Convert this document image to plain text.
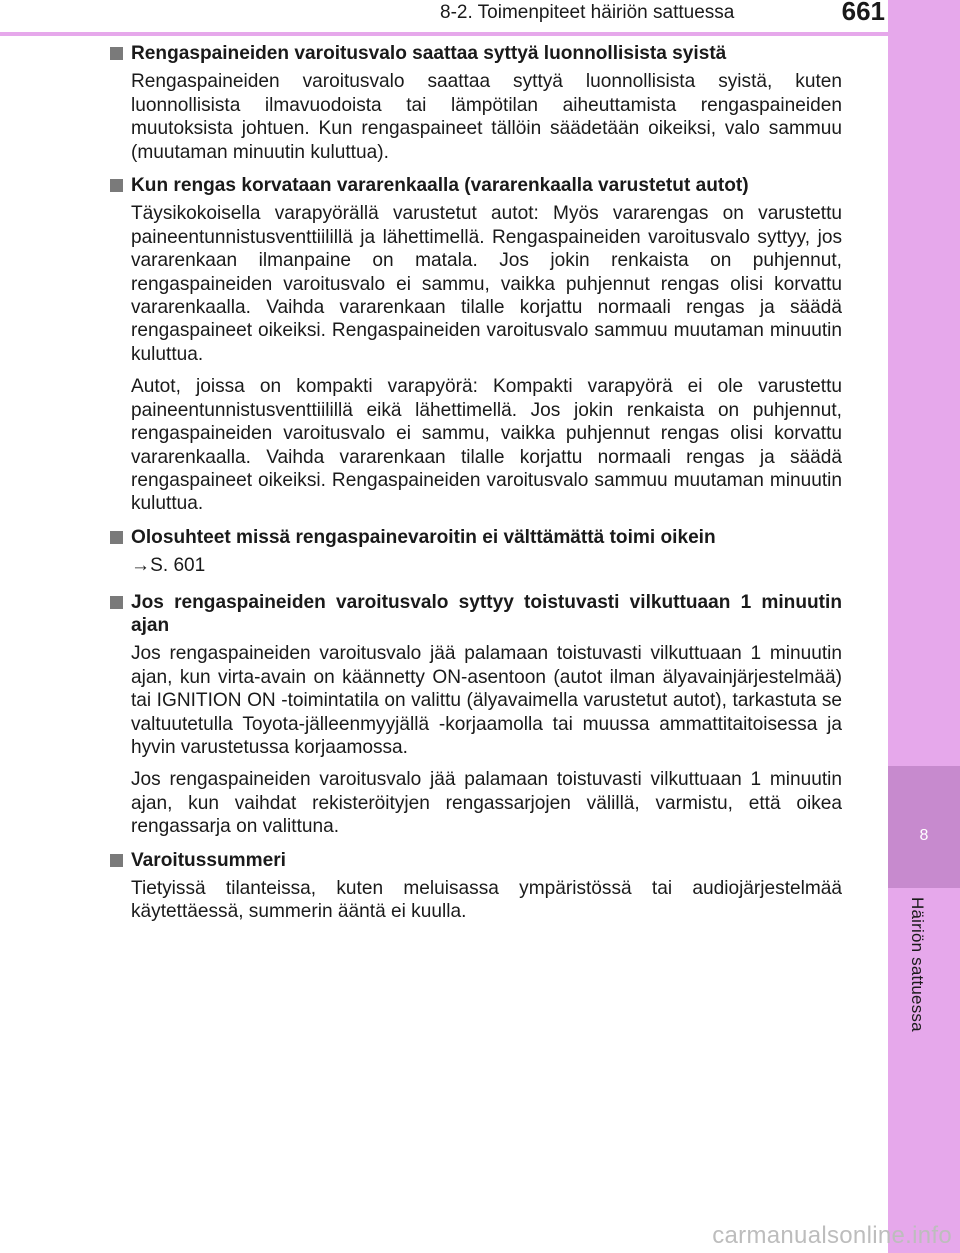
8
Häiriön sattuessa
8-2. Toimenpiteet häiriön sattuessa	661
Rengaspaineiden varoitusvalo saattaa syttyä luonnollisista syistä

Rengaspaineiden varoitusvalo saattaa syttyä luonnollisista syistä, kuten luonnollisista ilmavuodoista tai lämpötilan aiheuttamista rengaspaineiden muutoksista johtuen. Kun rengaspaineet tällöin säädetään oikeiksi, valo sammuu (muutaman minuutin kuluttua).

Kun rengas korvataan vararenkaalla (vararenkaalla varustetut autot)

Täysikokoisella varapyörällä varustetut autot: Myös vararengas on varustettu paineentunnistusventtiilillä ja lähettimellä. Rengaspaineiden varoitusvalo syttyy, jos vararenkaan ilmanpaine on matala. Jos jokin renkaista on puhjennut, rengaspaineiden varoitusvalo ei sammu, vaikka puhjennut rengas olisi korvattu vararenkaalla. Vaihda vararenkaan tilalle korjattu normaali rengas ja säädä rengaspaineet oikeiksi. Rengaspaineiden varoitusvalo sammuu muutaman minuutin kuluttua.

Autot, joissa on kompakti varapyörä: Kompakti varapyörä ei ole varustettu paineentunnistusventtiilillä eikä lähettimellä. Jos jokin renkaista on puhjennut, rengaspaineiden varoitusvalo ei sammu, vaikka puhjennut rengas olisi korvattu vararenkaalla. Vaihda vararenkaan tilalle korjattu normaali rengas ja säädä rengaspaineet oikeiksi. Rengaspaineiden varoitusvalo sammuu muutaman minuutin kuluttua.

Olosuhteet missä rengaspainevaroitin ei välttämättä toimi oikein
→S. 601
Jos rengaspaineiden varoitusvalo syttyy toistuvasti vilkuttuaan 1 minuutin ajan

Jos rengaspaineiden varoitusvalo jää palamaan toistuvasti vilkuttuaan 1 minuutin ajan, kun virta-avain on käännetty ON-asentoon (autot ilman älyavainjärjestelmää) tai IGNITION ON -toimintatila on valittu (älyavaimella varustetut autot), tarkastuta se valtuutetulla Toyota-jälleenmyyjällä -korjaamolla tai muussa ammattitaitoisessa ja hyvin varustetussa korjaamossa.

Jos rengaspaineiden varoitusvalo jää palamaan toistuvasti vilkuttuaan 1 minuutin ajan, kun vaihdat rekisteröityjen rengassarjojen välillä, varmistu, että oikea rengassarja on valittuna.

Varoitussummeri

Tietyissä tilanteissa, kuten meluisassa ympäristössä tai audiojärjestelmää käytettäessä, summerin ääntä ei kuulla.

carmanualsonline.info
